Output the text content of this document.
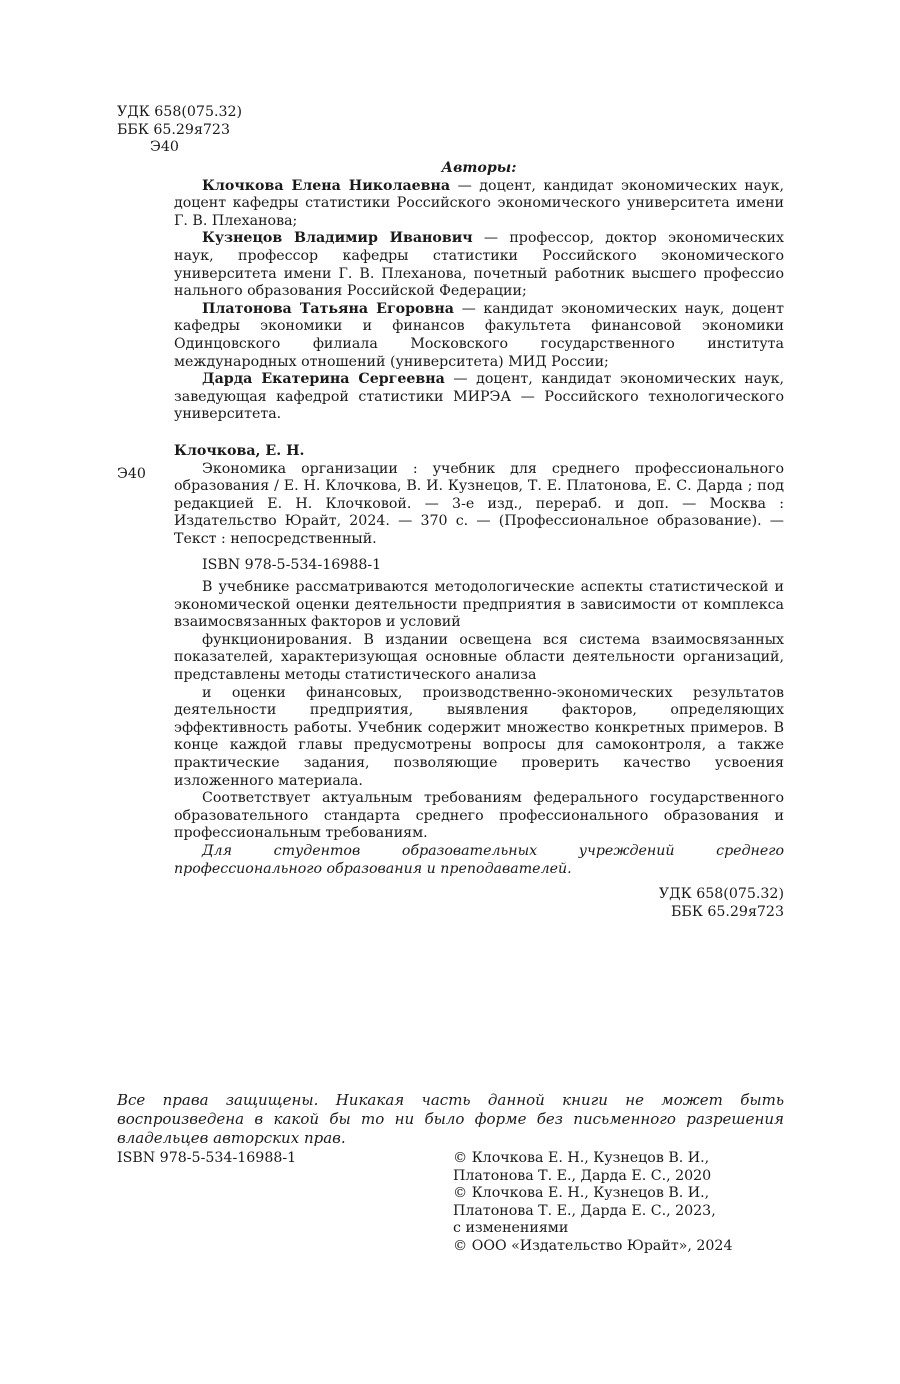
УДК 658(075.32)
ББК 65.29я723
Э40

Авторы:

Клочкова Елена Николаевна — доцент, кандидат экономических наук, доцент кафедры статистики Российского экономического университета имени Г. В. Плеханова;

Кузнецов Владимир Иванович — профессор, доктор экономических наук, профессор кафедры статистики Российского экономического университета имени Г. В. Плеханова, почетный работник высшего профессио нального образования Российской Федерации;

Платонова Татьяна Егоровна — кандидат экономических наук, доцент кафедры экономики и финансов факультета финансовой экономики Одинцовского филиала Московского государственного института международных отношений (университета) МИД России;

Дарда Екатерина Сергеевна — доцент, кандидат экономических наук, заведующая кафедрой статистики МИРЭА — Российского технологического университета.

Клочкова, Е. Н.

Экономика организации : учебник для среднего профессионального образования / Е. Н. Клочкова, В. И. Кузнецов, Т. Е. Платонова, Е. С. Дарда ; под редакцией Е. Н. Клочковой. — 3-е изд., перераб. и доп. — Москва : Издательство Юрайт, 2024. — 370 с. — (Профессиональное образование). — Текст : непосредственный.

ISBN 978-5-534-16988-1

Э40

В учебнике рассматриваются методологические аспекты статистической и экономической оценки деятельности предприятия в зависимости от комплекса взаимосвязанных факторов и условий

функционирования. В издании освещена вся система взаимосвязанных показателей, характеризующая основные области деятельности организаций, представлены методы статистического анализа

и оценки финансовых, производственно-экономических результатов деятельности предприятия, выявления факторов, определяющих эффективность работы. Учебник содержит множество конкретных примеров. В конце каждой главы предусмотрены вопросы для самоконтроля, а также практические задания, позволяющие проверить качество усвоения изложенного материала.

Соответствует актуальным требованиям федерального государственного образовательного стандарта среднего профессионального образования и профессиональным требованиям.

Для студентов образовательных учреждений среднего профессионального образования и преподавателей.

УДК 658(075.32)
ББК 65.29я723
Все права защищены. Никакая часть данной книги не может быть воспроизведена в какой бы то ни было форме без письменного разрешения владельцев авторских прав.
ISBN 978-5-534-16988-1	© Клочкова Е. Н., Кузнецов В. И.,
Платонова Т. Е., Дарда Е. С., 2020
© Клочкова Е. Н., Кузнецов В. И.,
Платонова Т. Е., Дарда Е. С., 2023,
с изменениями
© ООО «Издательство Юрайт», 2024
